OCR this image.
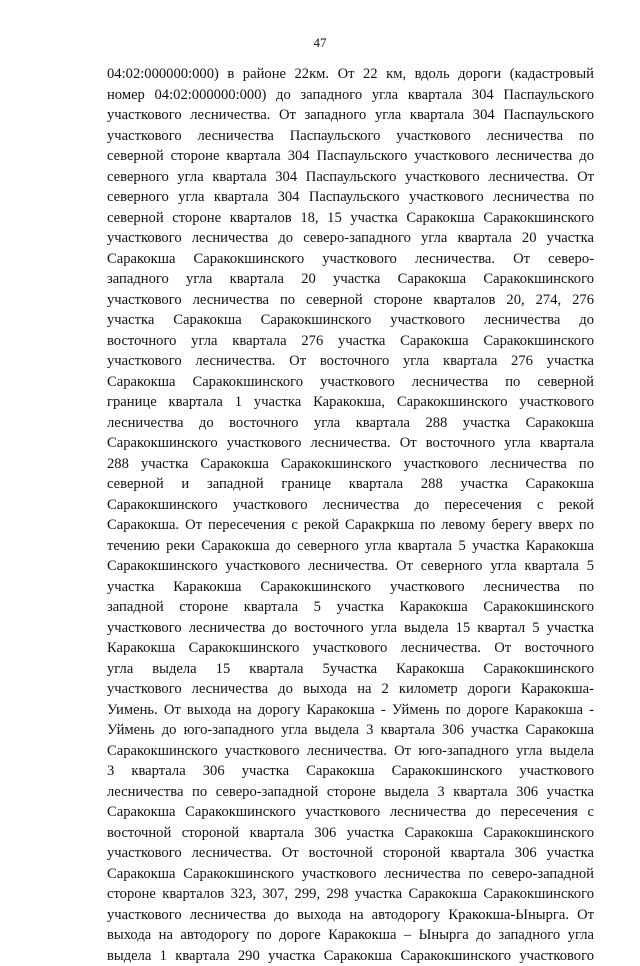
47
04:02:000000:000) в районе 22км. От 22 км, вдоль дороги (кадастровый
номер 04:02:000000:000) до западного угла квартала 304 Паспаульского
участкового лесничества. От западного угла квартала 304 Паспаульского
участкового лесничества Паспаульского участкового лесничества по
северной стороне квартала 304 Паспаульского участкового лесничества до
северного угла квартала 304 Паспаульского участкового лесничества. От
северного угла квартала 304 Паспаульского участкового лесничества по
северной стороне кварталов 18, 15 участка Саракокша Саракокшинского
участкового лесничества до северо-западного угла квартала 20 участка
Саракокша Саракокшинского участкового лесничества. От северо-
западного угла квартала 20 участка Саракокша Саракокшинского
участкового лесничества по северной стороне кварталов 20, 274, 276
участка Саракокша Саракокшинского участкового лесничества до
восточного угла квартала 276 участка Саракокша Саракокшинского
участкового лесничества. От восточного угла квартала 276 участка
Саракокша Саракокшинского участкового лесничества по северной
границе квартала 1 участка Каракокша, Саракокшинского участкового
лесничества до восточного угла квартала 288 участка Саракокша
Саракокшинского участкового лесничества. От восточного угла квартала
288 участка Саракокша Саракокшинского участкового лесничества по
северной и западной границе квартала 288 участка Саракокша
Саракокшинского участкового лесничества до пересечения с рекой
Саракокша. От пересечения с рекой Саракркша по левому берегу вверх по
течению реки Саракокша до северного угла квартала 5 участка Каракокша
Саракокшинского участкового лесничества. От северного угла квартала 5
участка Каракокша Саракокшинского участкового лесничества по
западной стороне квартала 5 участка Каракокша Саракокшинского
участкового лесничества до восточного угла выдела 15 квартал 5 участка
Каракокша Саракокшинского участкового лесничества. От восточного
угла выдела 15 квартала 5участка Каракокша Саракокшинского
участкового лесничества до выхода на 2 километр дороги Каракокша-
Уимень. От выхода на дорогу Каракокша - Уймень по дороге Каракокша -
Уймень до юго-западного угла выдела 3 квартала 306 участка Саракокша
Саракокшинского участкового лесничества. От юго-западного угла выдела
3 квартала 306 участка Саракокша Саракокшинского участкового
лесничества по северо-западной стороне выдела 3 квартала 306 участка
Саракокша Саракокшинского участкового лесничества до пересечения с
восточной стороной квартала 306 участка Саракокша Саракокшинского
участкового лесничества. От восточной стороной квартала 306 участка
Саракокша Саракокшинского участкового лесничества по северо-западной
стороне кварталов 323, 307, 299, 298 участка Саракокша Саракокшинского
участкового лесничества до выхода на автодорогу Кракокша-Ыныргa. От
выхода на автодорогу по дороге Каракокша – Ыныргa до западного угла
выдела 1 квартала 290 участка Саракокша Саракокшинского участкового
